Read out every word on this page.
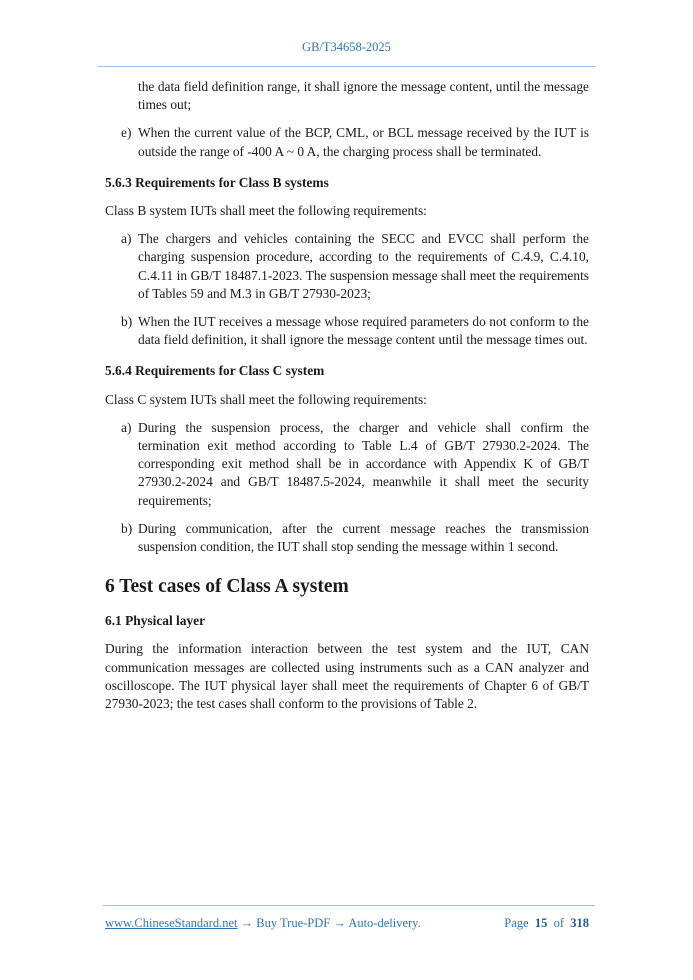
GB/T34658-2025

the data field definition range, it shall ignore the message content, until the message times out;

e) When the current value of the BCP, CML, or BCL message received by the IUT is outside the range of -400 A ~ 0 A, the charging process shall be terminated.
5.6.3 Requirements for Class B systems

Class B system IUTs shall meet the following requirements:

a) The chargers and vehicles containing the SECC and EVCC shall perform the charging suspension procedure, according to the requirements of C.4.9, C.4.10, C.4.11 in GB/T 18487.1-2023. The suspension message shall meet the requirements of Tables 59 and M.3 in GB/T 27930-2023;
b) When the IUT receives a message whose required parameters do not conform to the data field definition, it shall ignore the message content until the message times out.
5.6.4 Requirements for Class C system

Class C system IUTs shall meet the following requirements:

a) During the suspension process, the charger and vehicle shall confirm the termination exit method according to Table L.4 of GB/T 27930.2-2024. The corresponding exit method shall be in accordance with Appendix K of GB/T 27930.2-2024 and GB/T 18487.5-2024, meanwhile it shall meet the security requirements;
b) During communication, after the current message reaches the transmission suspension condition, the IUT shall stop sending the message within 1 second.
6 Test cases of Class A system
6.1 Physical layer

During the information interaction between the test system and the IUT, CAN communication messages are collected using instruments such as a CAN analyzer and oscilloscope. The IUT physical layer shall meet the requirements of Chapter 6 of GB/T 27930-2023; the test cases shall conform to the provisions of Table 2.

www.ChineseStandard.net → Buy True-PDF → Auto-delivery.	Page 15 of 318
